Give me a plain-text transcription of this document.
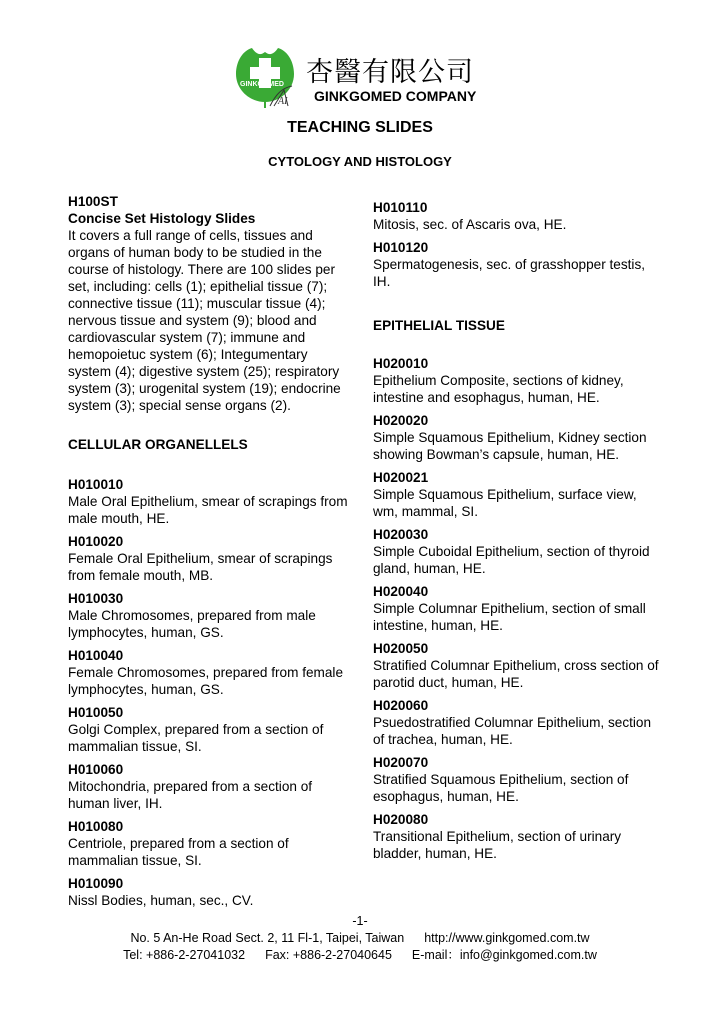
GINKGOMED
AI
杏醫有限公司
GINKGOMED COMPANY
TEACHING SLIDES
CYTOLOGY AND HISTOLOGY
H100ST
Concise Set Histology Slides

It covers a full range of cells, tissues and organs of human body to be studied in the course of histology. There are 100 slides per set, including: cells (1); epithelial tissue (7); connective tissue (11); muscular tissue (4); nervous tissue and system (9); blood and cardiovascular system (7); immune and hemopoietuc system (6); Integumentary system (4); digestive system (25); respiratory system (3); urogenital system (19); endocrine system (3); special sense organs (2).

CELLULAR ORGANELLELS
H010010
Male Oral Epithelium, smear of scrapings from male mouth, HE.
H010020
Female Oral Epithelium, smear of scrapings from female mouth, MB.
H010030
Male Chromosomes, prepared from male lymphocytes, human, GS.
H010040
Female Chromosomes, prepared from female lymphocytes, human, GS.
H010050
Golgi Complex, prepared from a section of mammalian tissue, SI.
H010060
Mitochondria, prepared from a section of human liver, IH.
H010080
Centriole, prepared from a section of mammalian tissue, SI.
H010090
Nissl Bodies, human, sec., CV.
H010110
Mitosis, sec. of Ascaris ova, HE.
H010120
Spermatogenesis, sec. of grasshopper testis, IH.
EPITHELIAL TISSUE
H020010
Epithelium Composite, sections of kidney, intestine and esophagus, human, HE.
H020020
Simple Squamous Epithelium, Kidney section showing Bowman’s capsule, human, HE.
H020021
Simple Squamous Epithelium, surface view, wm, mammal, SI.
H020030
Simple Cuboidal Epithelium, section of thyroid gland, human, HE.
H020040
Simple Columnar Epithelium, section of small intestine, human, HE.
H020050
Stratified Columnar Epithelium, cross section of parotid duct, human, HE.
H020060
Psuedostratified Columnar Epithelium, section of trachea, human, HE.
H020070
Stratified Squamous Epithelium, section of esophagus, human, HE.
H020080
Transitional Epithelium, section of urinary bladder, human, HE.
-1-
No. 5 An-He Road Sect. 2, 11 Fl-1, Taipei, Taiwan http://www.ginkgomed.com.tw
Tel: +886-2-27041032 Fax: +886-2-27040645 E-mail：info@ginkgomed.com.tw
